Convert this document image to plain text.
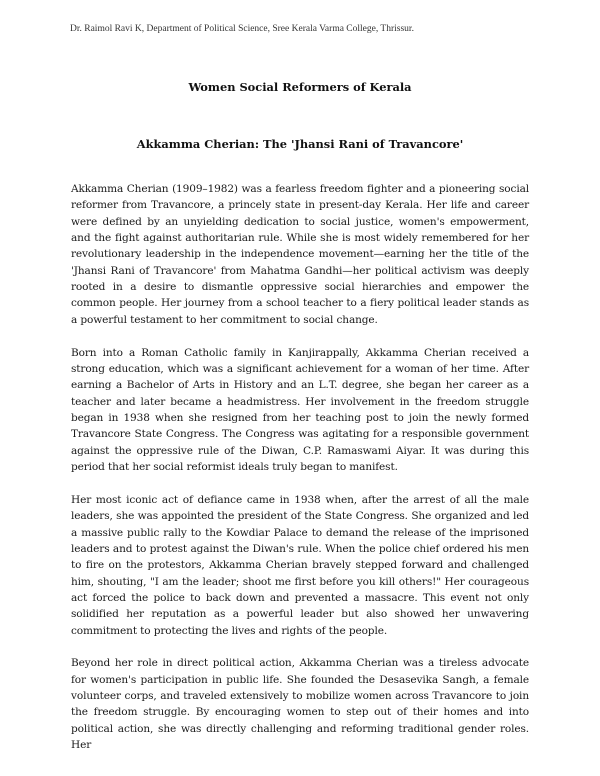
Dr. Raimol Ravi K, Department of Political Science, Sree Kerala Varma College, Thrissur.
Women Social Reformers of Kerala
Akkamma Cherian: The 'Jhansi Rani of Travancore'

Akkamma Cherian (1909–1982) was a fearless freedom fighter and a pioneering social reformer from Travancore, a princely state in present-day Kerala. Her life and career were defined by an unyielding dedication to social justice, women's empowerment, and the fight against authoritarian rule. While she is most widely remembered for her revolutionary leadership in the independence movement—earning her the title of the 'Jhansi Rani of Travancore' from Mahatma Gandhi—her political activism was deeply rooted in a desire to dismantle oppressive social hierarchies and empower the common people. Her journey from a school teacher to a fiery political leader stands as a powerful testament to her commitment to social change.

Born into a Roman Catholic family in Kanjirappally, Akkamma Cherian received a strong education, which was a significant achievement for a woman of her time. After earning a Bachelor of Arts in History and an L.T. degree, she began her career as a teacher and later became a headmistress. Her involvement in the freedom struggle began in 1938 when she resigned from her teaching post to join the newly formed Travancore State Congress. The Congress was agitating for a responsible government against the oppressive rule of the Diwan, C.P. Ramaswami Aiyar. It was during this period that her social reformist ideals truly began to manifest.

Her most iconic act of defiance came in 1938 when, after the arrest of all the male leaders, she was appointed the president of the State Congress. She organized and led a massive public rally to the Kowdiar Palace to demand the release of the imprisoned leaders and to protest against the Diwan's rule. When the police chief ordered his men to fire on the protestors, Akkamma Cherian bravely stepped forward and challenged him, shouting, "I am the leader; shoot me first before you kill others!" Her courageous act forced the police to back down and prevented a massacre. This event not only solidified her reputation as a powerful leader but also showed her unwavering commitment to protecting the lives and rights of the people.

Beyond her role in direct political action, Akkamma Cherian was a tireless advocate for women's participation in public life. She founded the Desasevika Sangh, a female volunteer corps, and traveled extensively to mobilize women across Travancore to join the freedom struggle. By encouraging women to step out of their homes and into political action, she was directly challenging and reforming traditional gender roles. Her
